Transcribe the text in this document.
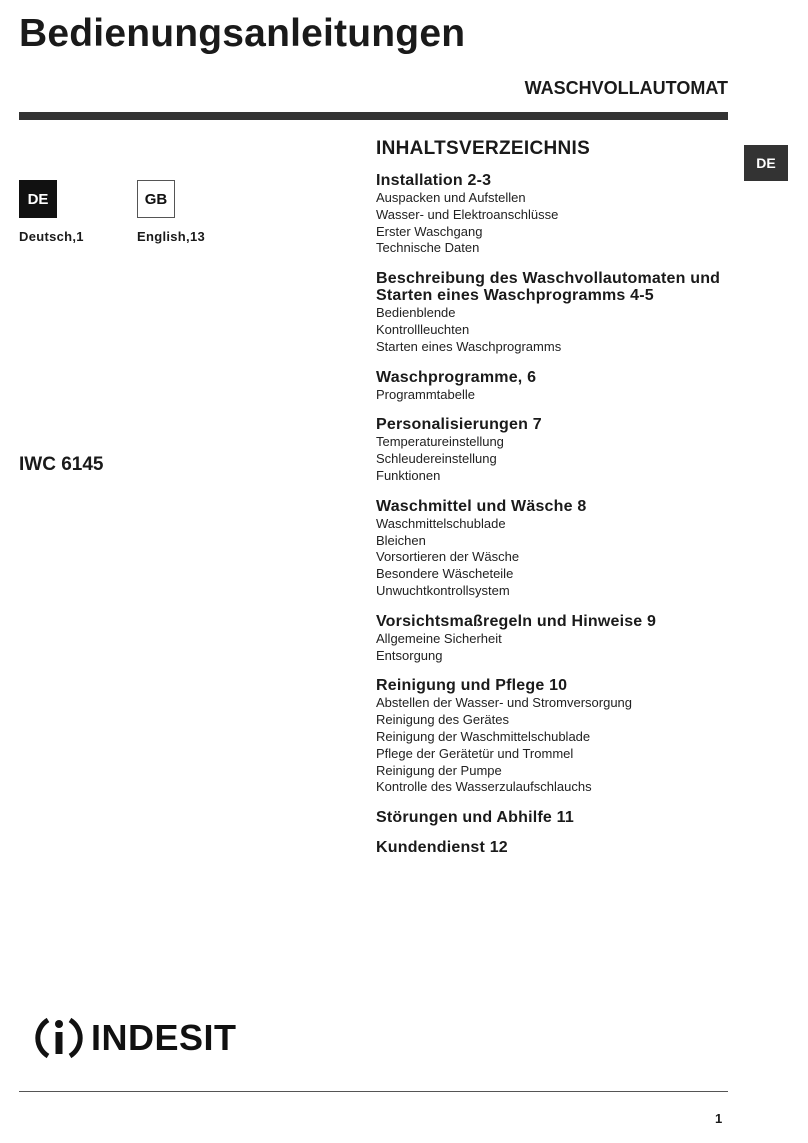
Bedienungsanleitungen
WASCHVOLLAUTOMAT
DE
DE
Deutsch,1
GB
English,13
IWC 6145
INHALTSVERZEICHNIS
Installation 2-3
Auspacken und Aufstellen
Wasser- und Elektroanschlüsse
Erster Waschgang
Technische Daten
Beschreibung des Waschvollautomaten und Starten eines Waschprogramms 4-5
Bedienblende
Kontrollleuchten
Starten eines Waschprogramms
Waschprogramme, 6
Programmtabelle
Personalisierungen 7
Temperatureinstellung
Schleudereinstellung
Funktionen
Waschmittel und Wäsche 8
Waschmittelschublade
Bleichen
Vorsortieren der Wäsche
Besondere Wäscheteile
Unwuchtkontrollsystem
Vorsichtsmaßregeln und Hinweise 9
Allgemeine Sicherheit
Entsorgung
Reinigung und Pflege 10
Abstellen der Wasser- und Stromversorgung
Reinigung des Gerätes
Reinigung der Waschmittelschublade
Pflege der Gerätetür und Trommel
Reinigung der Pumpe
Kontrolle des Wasserzulaufschlauchs
Störungen und Abhilfe 11
Kundendienst 12
INDESIT
1
